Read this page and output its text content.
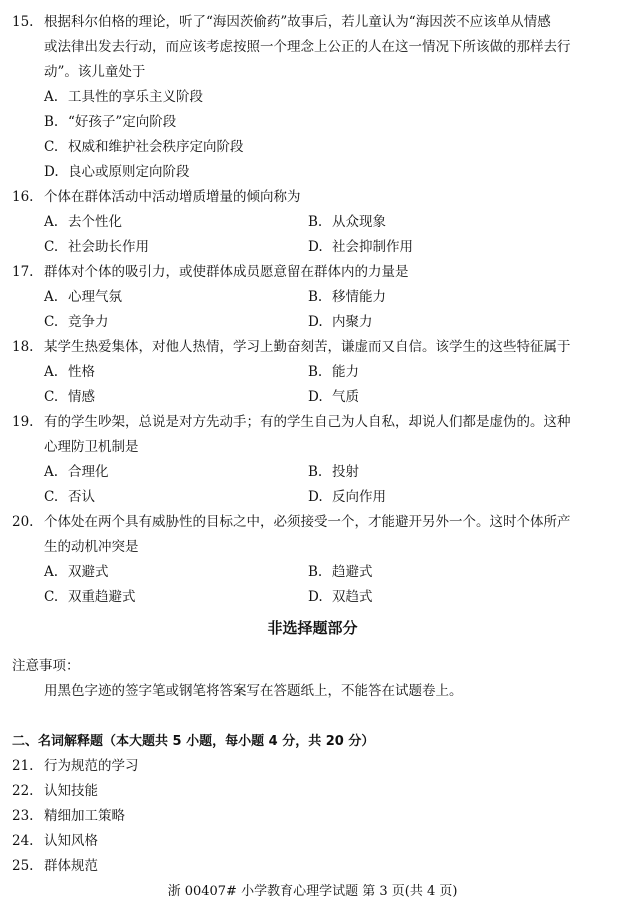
15. 根据科尔伯格的理论，听了“海因茨偷药”故事后，若儿童认为“海因茨不应该单从情感
或法律出发去行动，而应该考虑按照一个理念上公正的人在这一情况下所该做的那样去行
动”。该儿童处于
A. 工具性的享乐主义阶段
B. “好孩子”定向阶段
C. 权威和维护社会秩序定向阶段
D. 良心或原则定向阶段
16. 个体在群体活动中活动增质增量的倾向称为
A. 去个性化	B. 从众现象
C. 社会助长作用	D. 社会抑制作用
17. 群体对个体的吸引力，或使群体成员愿意留在群体内的力量是
A. 心理气氛	B. 移情能力
C. 竞争力	D. 内聚力
18. 某学生热爱集体，对他人热情，学习上勤奋刻苦，谦虚而又自信。该学生的这些特征属于
A. 性格	B. 能力
C. 情感	D. 气质
19. 有的学生吵架，总说是对方先动手；有的学生自己为人自私，却说人们都是虚伪的。这种
心理防卫机制是
A. 合理化	B. 投射
C. 否认	D. 反向作用
20. 个体处在两个具有威胁性的目标之中，必须接受一个，才能避开另外一个。这时个体所产
生的动机冲突是
A. 双避式	B. 趋避式
C. 双重趋避式	D. 双趋式
非选择题部分
注意事项：
用黑色字迹的签字笔或钢笔将答案写在答题纸上，不能答在试题卷上。
二、名词解释题（本大题共 5 小题，每小题 4 分，共 20 分）
21. 行为规范的学习
22. 认知技能
23. 精细加工策略
24. 认知风格
25. 群体规范
浙 00407# 小学教育心理学试题 第 3 页(共 4 页)
